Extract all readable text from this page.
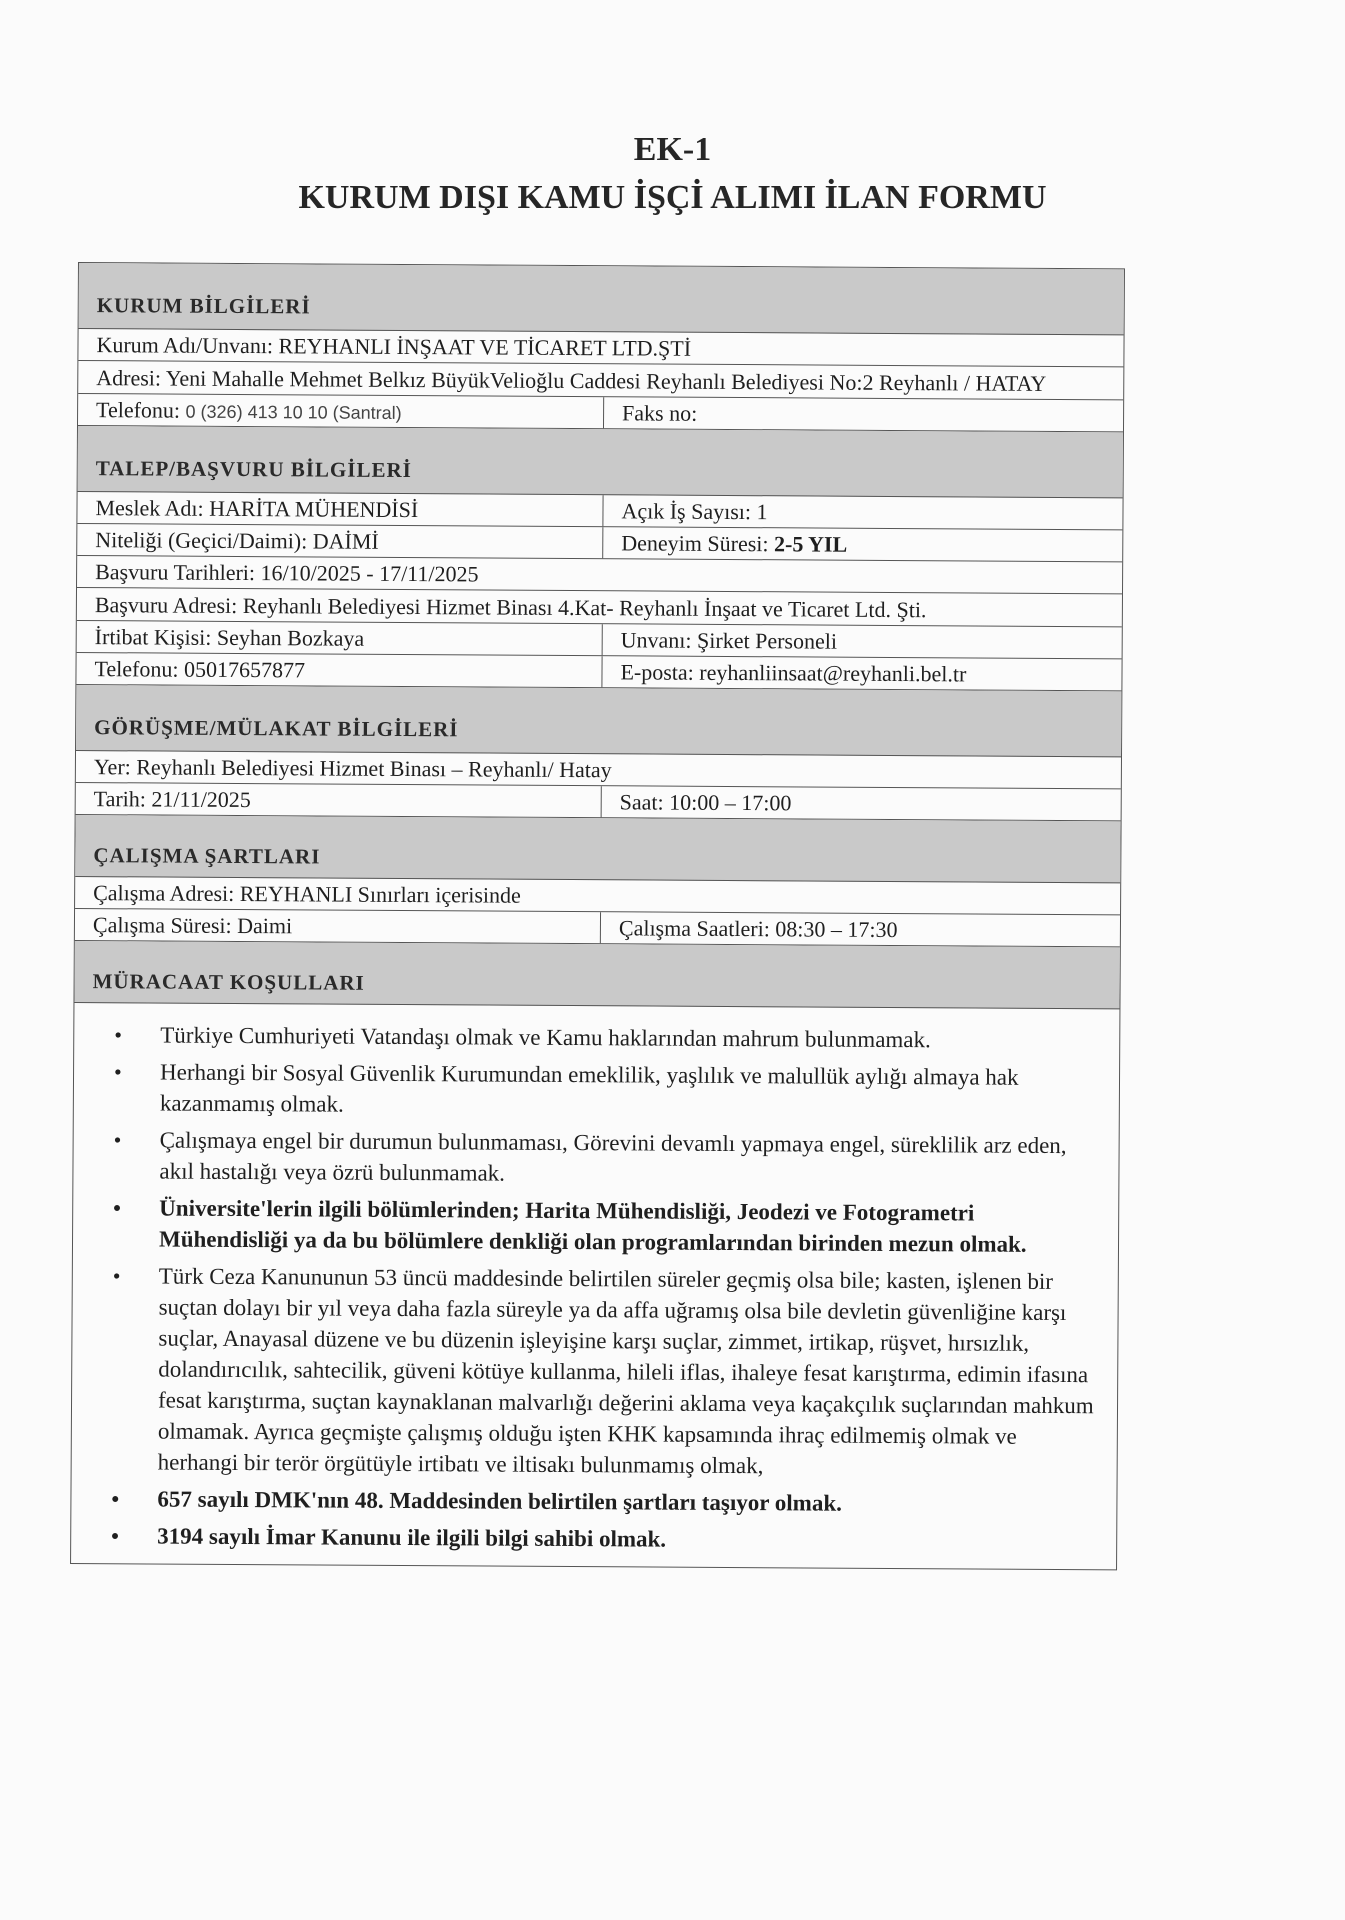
EK-1
KURUM DIŞI KAMU İŞÇİ ALIMI İLAN FORMU
KURUM BİLGİLERİ
Kurum Adı/Unvanı: REYHANLI İNŞAAT VE TİCARET LTD.ŞTİ
Adresi: Yeni Mahalle Mehmet Belkız BüyükVelioğlu Caddesi Reyhanlı Belediyesi No:2 Reyhanlı / HATAY
Telefonu: 0 (326) 413 10 10 (Santral)	Faks no:
TALEP/BAŞVURU BİLGİLERİ
Meslek Adı: HARİTA MÜHENDİSİ	Açık İş Sayısı: 1
Niteliği (Geçici/Daimi): DAİMİ	Deneyim Süresi: 2-5 YIL
Başvuru Tarihleri: 16/10/2025 - 17/11/2025
Başvuru Adresi: Reyhanlı Belediyesi Hizmet Binası 4.Kat- Reyhanlı İnşaat ve Ticaret Ltd. Şti.
İrtibat Kişisi: Seyhan Bozkaya	Unvanı: Şirket Personeli
Telefonu: 05017657877	E-posta: reyhanliinsaat@reyhanli.bel.tr
GÖRÜŞME/MÜLAKAT BİLGİLERİ
Yer: Reyhanlı Belediyesi Hizmet Binası – Reyhanlı/ Hatay
Tarih: 21/11/2025	Saat: 10:00 – 17:00
ÇALIŞMA ŞARTLARI
Çalışma Adresi: REYHANLI Sınırları içerisinde
Çalışma Süresi: Daimi	Çalışma Saatleri: 08:30 – 17:30
MÜRACAAT KOŞULLARI
• Türkiye Cumhuriyeti Vatandaşı olmak ve Kamu haklarından mahrum bulunmamak.
• Herhangi bir Sosyal Güvenlik Kurumundan emeklilik, yaşlılık ve malullük aylığı almaya hak kazanmamış olmak.
• Çalışmaya engel bir durumun bulunmaması, Görevini devamlı yapmaya engel, süreklilik arz eden, akıl hastalığı veya özrü bulunmamak.
• Üniversite'lerin ilgili bölümlerinden; Harita Mühendisliği, Jeodezi ve Fotogrametri Mühendisliği ya da bu bölümlere denkliği olan programlarından birinden mezun olmak.
• Türk Ceza Kanununun 53 üncü maddesinde belirtilen süreler geçmiş olsa bile; kasten, işlenen bir suçtan dolayı bir yıl veya daha fazla süreyle ya da affa uğramış olsa bile devletin güvenliğine karşı suçlar, Anayasal düzene ve bu düzenin işleyişine karşı suçlar, zimmet, irtikap, rüşvet, hırsızlık, dolandırıcılık, sahtecilik, güveni kötüye kullanma, hileli iflas, ihaleye fesat karıştırma, edimin ifasına fesat karıştırma, suçtan kaynaklanan malvarlığı değerini aklama veya kaçakçılık suçlarından mahkum olmamak. Ayrıca geçmişte çalışmış olduğu işten KHK kapsamında ihraç edilmemiş olmak ve herhangi bir terör örgütüyle irtibatı ve iltisakı bulunmamış olmak,
• 657 sayılı DMK'nın 48. Maddesinden belirtilen şartları taşıyor olmak.
• 3194 sayılı İmar Kanunu ile ilgili bilgi sahibi olmak.
